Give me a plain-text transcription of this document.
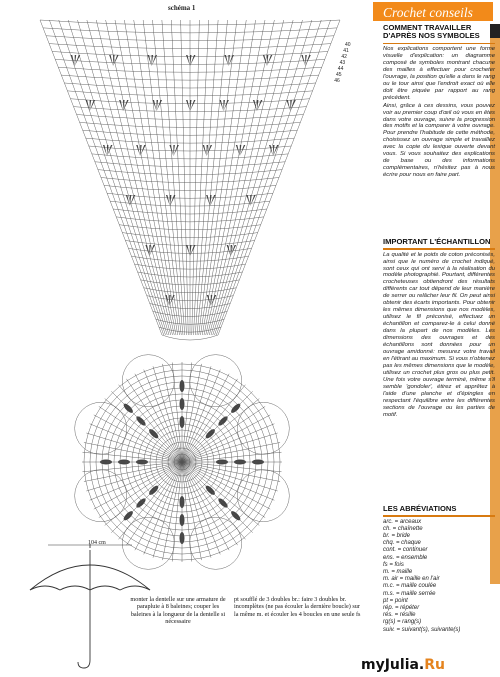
schéma 1
40
41
42
43
44
45
46
104 cm
monter la dentelle sur une armature de parapluie à 8 baleines; couper les baleines à la longueur de la dentelle si nécessaire
pt soufflé de 3 doubles br.: faire 3 doubles br. incomplètes (ne pas écouler la dernière boucle) sur la même m. et écouler les 4 boucles en une seule fs
Crochet conseils
COMMENT TRAVAILLER D'APRÈS NOS SYMBOLES

Nos explications comportent une forme visuelle d'explication: un diagramme composé de symboles montrant chacune des mailles à effectuer pour crocheter l'ouvrage, la position qu'elle a dans le rang ou le tour ainsi que l'endroit exact où elle doit être piquée par rapport au rang précédent.

Ainsi, grâce à ces dessins, vous pouvez voir au premier coup d'œil où vous en êtes dans votre ouvrage, suivre la progression des motifs et la comparer à votre ouvrage. Pour prendre l'habitude de cette méthode, choisissez un ouvrage simple et travaillez avec la copie du lexique ouverte devant vous. Si vous souhaitez des explications de base ou des informations complémentaires, n'hésitez pas à nous écrire pour nous en faire part.

IMPORTANT L'ÉCHANTILLON

La qualité et le poids de coton préconisés, ainsi que le numéro de crochet indiqué, sont ceux qui ont servi à la réalisation du modèle photographié. Pourtant, différentes crocheteuses obtiendront des résultats différents car tout dépend de leur manière de serrer ou relâcher leur fil. On peut ainsi obtenir des écarts importants. Pour obtenir les mêmes dimensions que nos modèles, utilisez le fil préconisé, effectuez un échantillon et comparez-le à celui donné dans la plupart de nos modèles. Les dimensions des ouvrages et des échantillons sont données pour un ouvrage amidonné: mesurez votre travail en l'étirant au maximum. Si vous n'obtenez pas les mêmes dimensions que le modèle, utilisez un crochet plus gros ou plus petit. Une fois votre ouvrage terminé, même s'il semble 'gondoler', étirez et apprêtez à l'aide d'une planche et d'épingles en respectant l'équilibre entre les différentes sections de l'ouvrage ou les parties de motif.

LES ABRÉVIATIONS
arc. = arceaux
ch. = chaînette
br. = bride
chq. = chaque
cont. = continuer
ens. = ensemble
fs = fois
m. = maille
m. air = maille en l'air
m.c. = maille coulée
m.s. = maille serrée
pt = point
rép. = répéter
rés. = résille
rg(s) = rang(s)
suiv. = suivant(s), suivante(s)
myJulia.Ru
